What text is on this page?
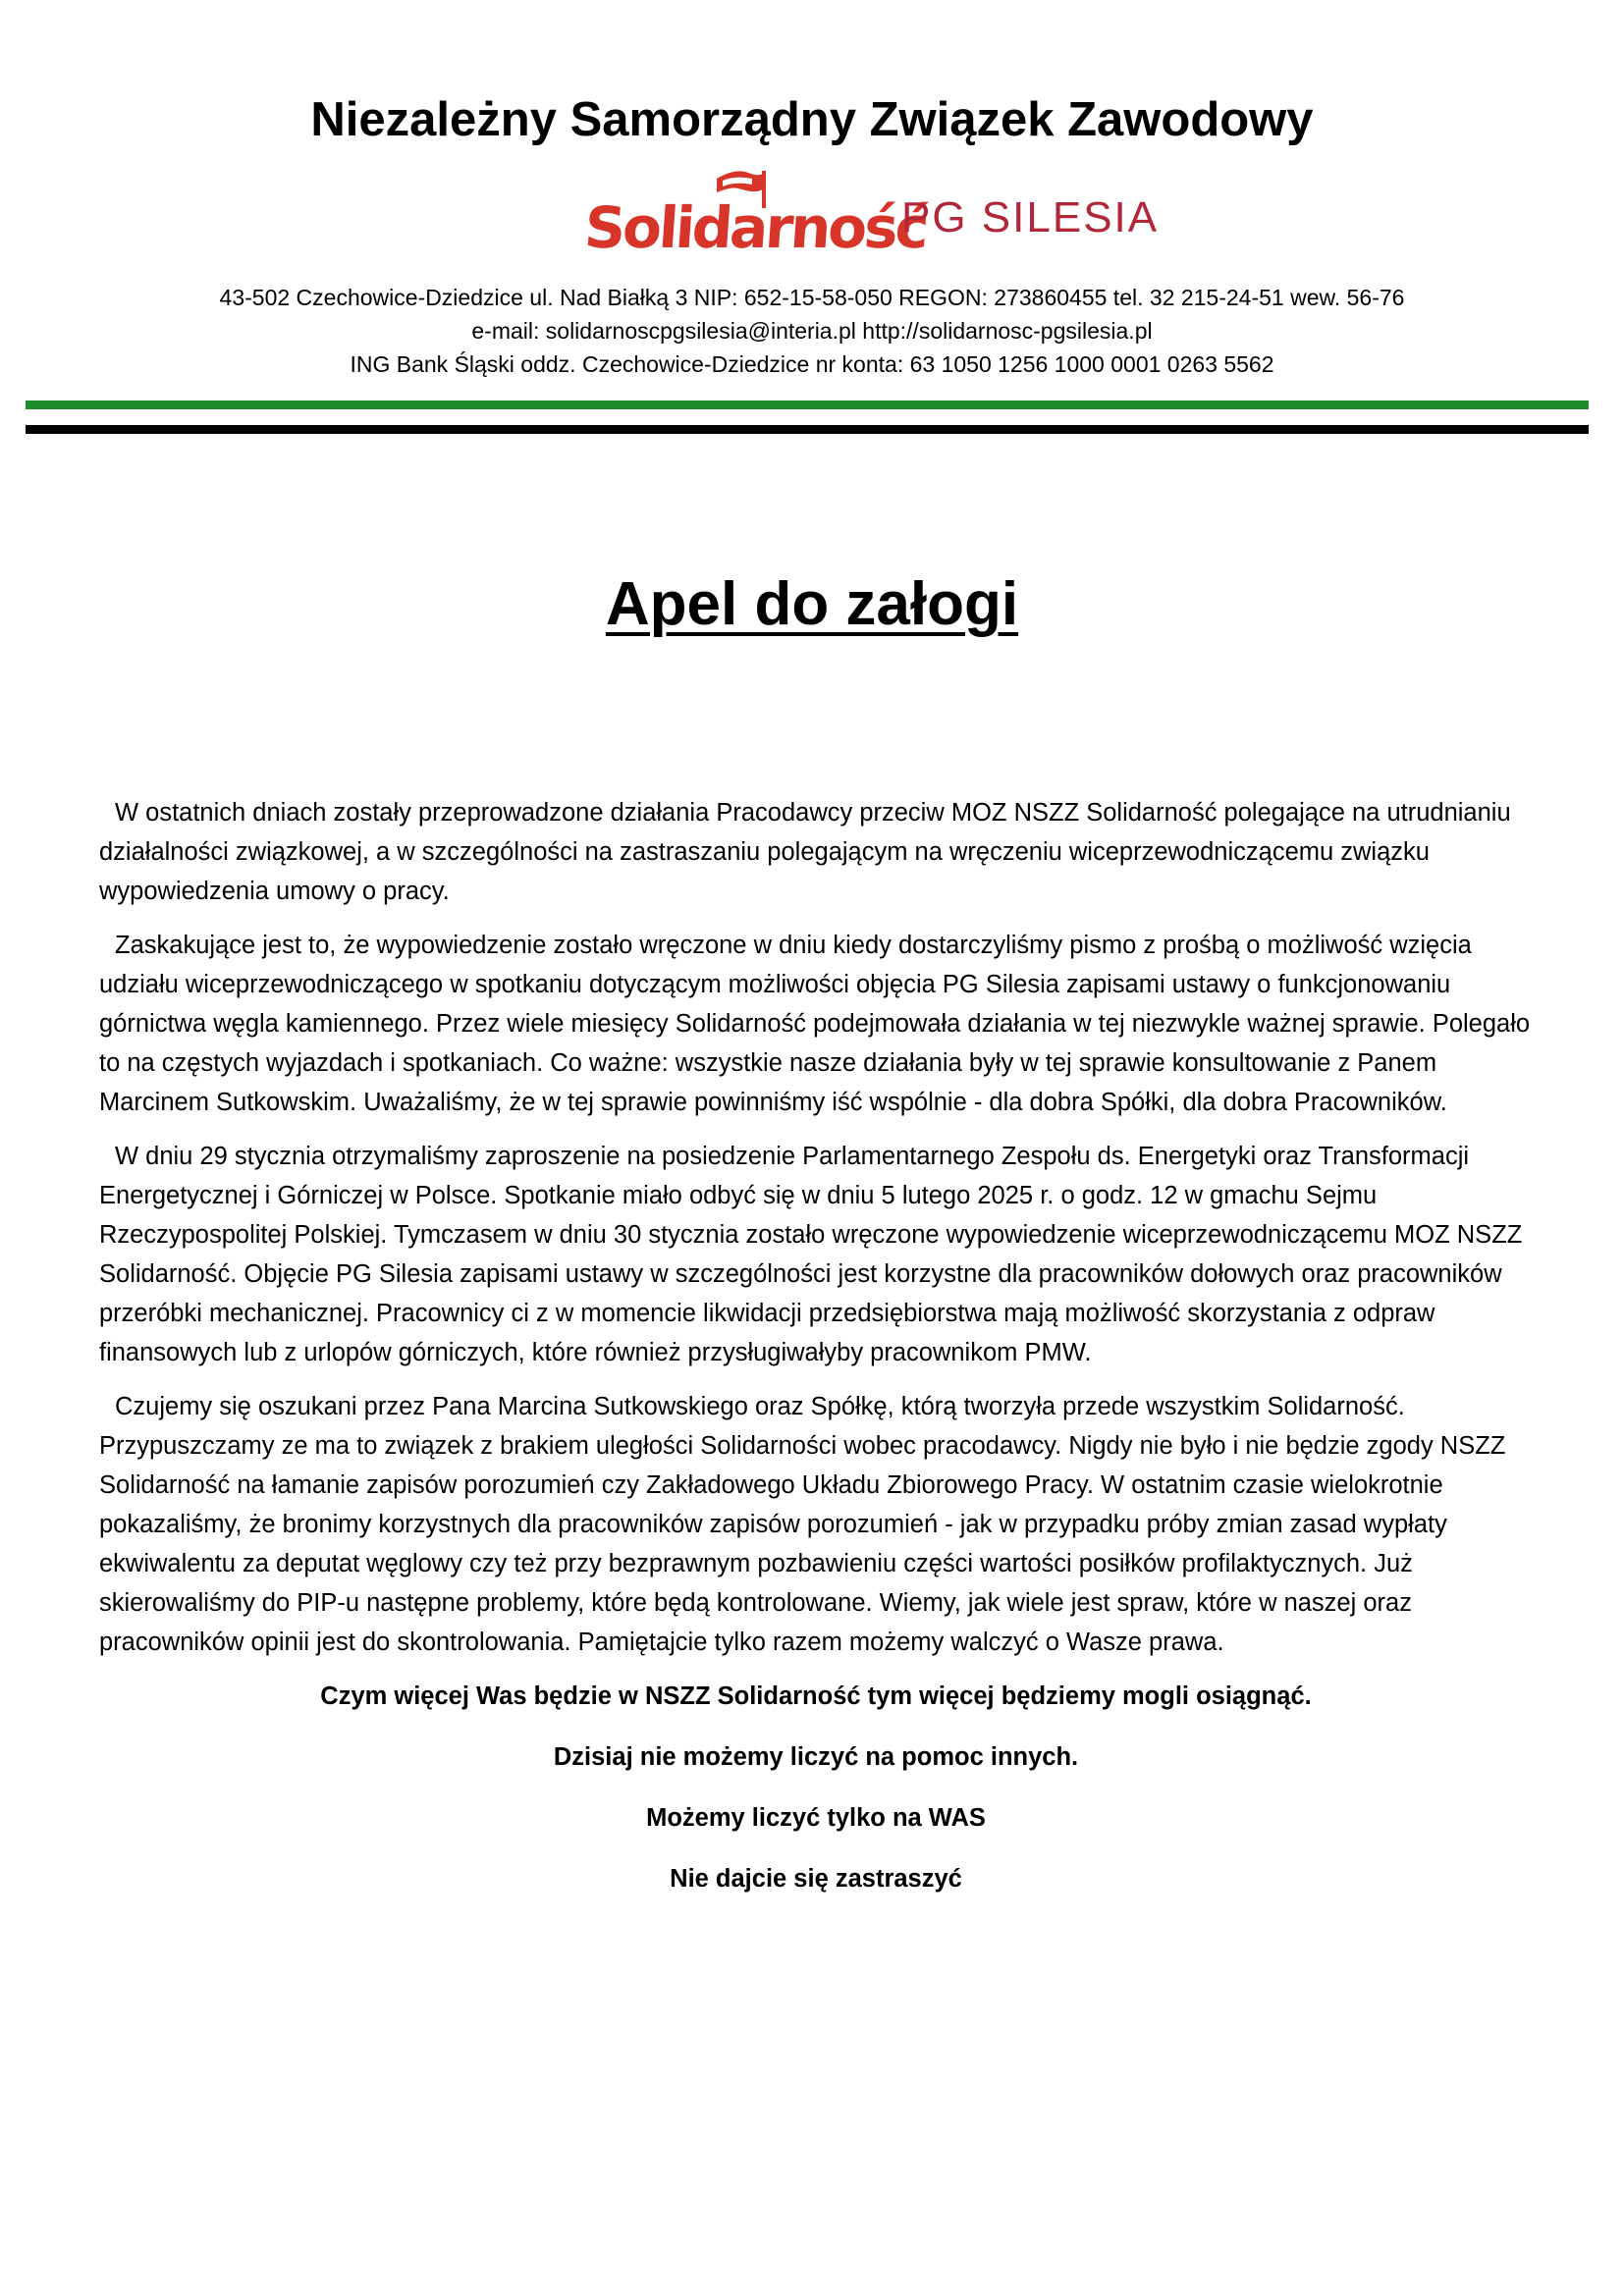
Niezależny Samorządny Związek Zawodowy
Solidarność
PG SILESIA
43-502 Czechowice-Dziedzice ul. Nad Białką 3 NIP: 652-15-58-050 REGON: 273860455 tel. 32 215-24-51 wew. 56-76
e-mail: solidarnoscpgsilesia@interia.pl http://solidarnosc-pgsilesia.pl
ING Bank Śląski oddz. Czechowice-Dziedzice nr konta: 63 1050 1256 1000 0001 0263 5562
Apel do załogi

W ostatnich dniach zostały przeprowadzone działania Pracodawcy przeciw MOZ NSZZ Solidarność polegające na utrudnianiu działalności związkowej, a w szczególności na zastraszaniu polegającym na wręczeniu wiceprzewodniczącemu związku wypowiedzenia umowy o pracy.

Zaskakujące jest to, że wypowiedzenie zostało wręczone w dniu kiedy dostarczyliśmy pismo z prośbą o możliwość wzięcia udziału wiceprzewodniczącego w spotkaniu dotyczącym możliwości objęcia PG Silesia zapisami ustawy o funkcjonowaniu górnictwa węgla kamiennego. Przez wiele miesięcy Solidarność podejmowała działania w tej niezwykle ważnej sprawie. Polegało to na częstych wyjazdach i spotkaniach. Co ważne: wszystkie nasze działania były w tej sprawie konsultowanie z Panem Marcinem Sutkowskim. Uważaliśmy, że w tej sprawie powinniśmy iść wspólnie - dla dobra Spółki, dla dobra Pracowników.

W dniu 29 stycznia otrzymaliśmy zaproszenie na posiedzenie Parlamentarnego Zespołu ds. Energetyki oraz Transformacji Energetycznej i Górniczej w Polsce. Spotkanie miało odbyć się w dniu 5 lutego 2025 r. o godz. 12 w gmachu Sejmu Rzeczypospolitej Polskiej. Tymczasem w dniu 30 stycznia zostało wręczone wypowiedzenie wiceprzewodniczącemu MOZ NSZZ Solidarność. Objęcie PG Silesia zapisami ustawy w szczególności jest korzystne dla pracowników dołowych oraz pracowników przeróbki mechanicznej. Pracownicy ci z w momencie likwidacji przedsiębiorstwa mają możliwość skorzystania z odpraw finansowych lub z urlopów górniczych, które również przysługiwałyby pracownikom PMW.

Czujemy się oszukani przez Pana Marcina Sutkowskiego oraz Spółkę, którą tworzyła przede wszystkim Solidarność. Przypuszczamy ze ma to związek z brakiem uległości Solidarności wobec pracodawcy. Nigdy nie było i nie będzie zgody NSZZ Solidarność na łamanie zapisów porozumień czy Zakładowego Układu Zbiorowego Pracy. W ostatnim czasie wielokrotnie pokazaliśmy, że bronimy korzystnych dla pracowników zapisów porozumień - jak w przypadku próby zmian zasad wypłaty ekwiwalentu za deputat węglowy czy też przy bezprawnym pozbawieniu części wartości posiłków profilaktycznych. Już skierowaliśmy do PIP-u następne problemy, które będą kontrolowane. Wiemy, jak wiele jest spraw, które w naszej oraz pracowników opinii jest do skontrolowania. Pamiętajcie tylko razem możemy walczyć o Wasze prawa.

Czym więcej Was będzie w NSZZ Solidarność tym więcej będziemy mogli osiągnąć.

Dzisiaj nie możemy liczyć na pomoc innych.

Możemy liczyć tylko na WAS

Nie dajcie się zastraszyć
